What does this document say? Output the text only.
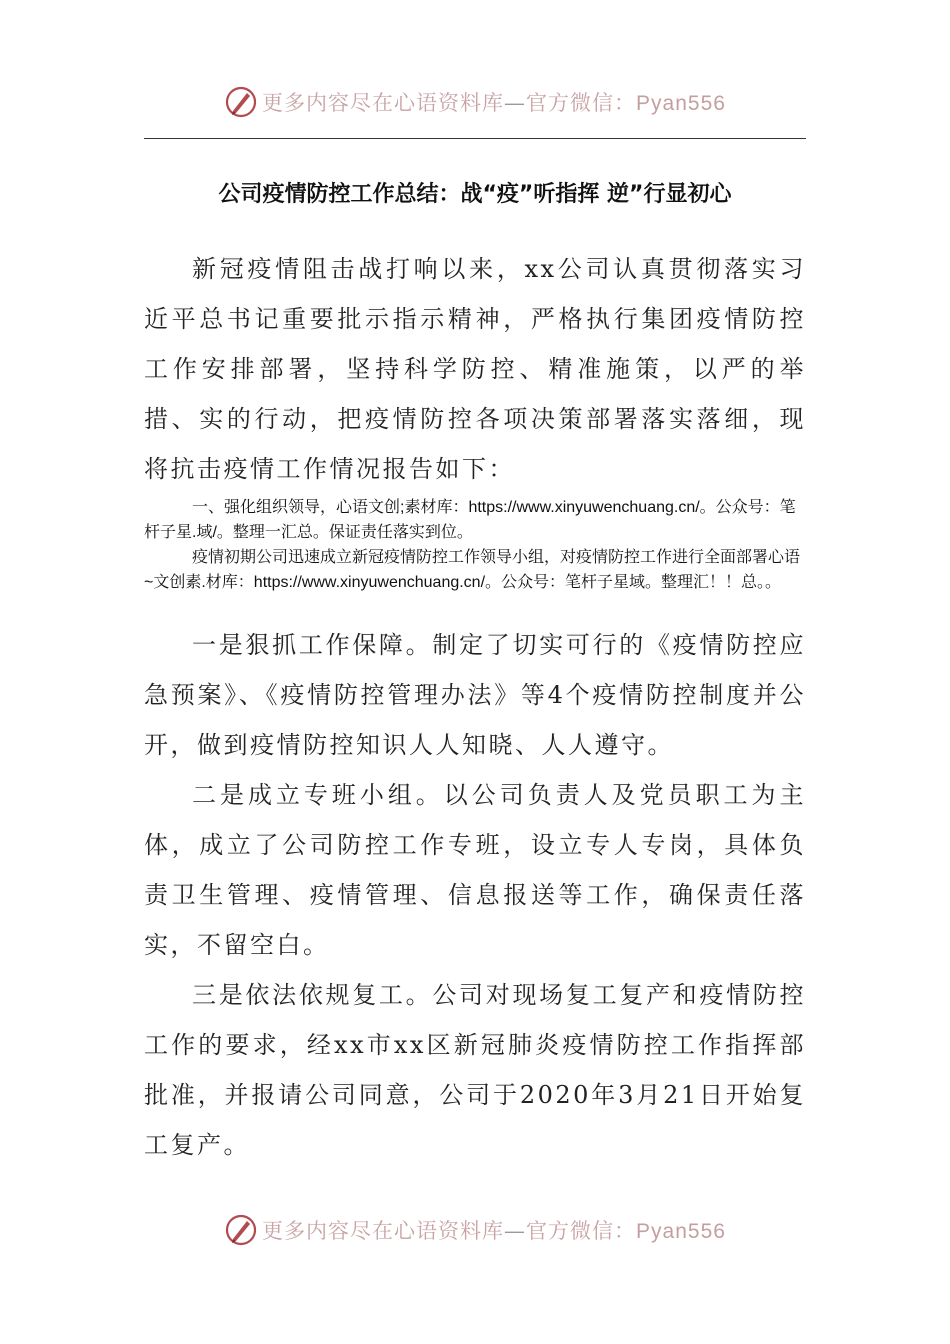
更多内容尽在心语资料库—官方微信：Pyan556
公司疫情防控工作总结：战“疫”听指挥 逆”行显初心

新冠疫情阻击战打响以来，xx公司认真贯彻落实习近平总书记重要批示指示精神，严格执行集团疫情防控工作安排部署，坚持科学防控、精准施策，以严的举措、实的行动，把疫情防控各项决策部署落实落细，现将抗击疫情工作情况报告如下：

一、强化组织领导，心语文创;素材库：https://www.xinyuwenchuang.cn/。公众号：笔杆子星.域/。整理一汇总。保证责任落实到位。

疫情初期公司迅速成立新冠疫情防控工作领导小组，对疫情防控工作进行全面部署心语~文创素.材库：https://www.xinyuwenchuang.cn/。公众号：笔杆子星域。整理汇！！总。。

一是狠抓工作保障。制定了切实可行的《疫情防控应急预案》、《疫情防控管理办法》等4个疫情防控制度并公开，做到疫情防控知识人人知晓、人人遵守。

二是成立专班小组。以公司负责人及党员职工为主体，成立了公司防控工作专班，设立专人专岗，具体负责卫生管理、疫情管理、信息报送等工作，确保责任落实，不留空白。

三是依法依规复工。公司对现场复工复产和疫情防控工作的要求，经xx市xx区新冠肺炎疫情防控工作指挥部批准，并报请公司同意，公司于2020年3月21日开始复工复产。

更多内容尽在心语资料库—官方微信：Pyan556
